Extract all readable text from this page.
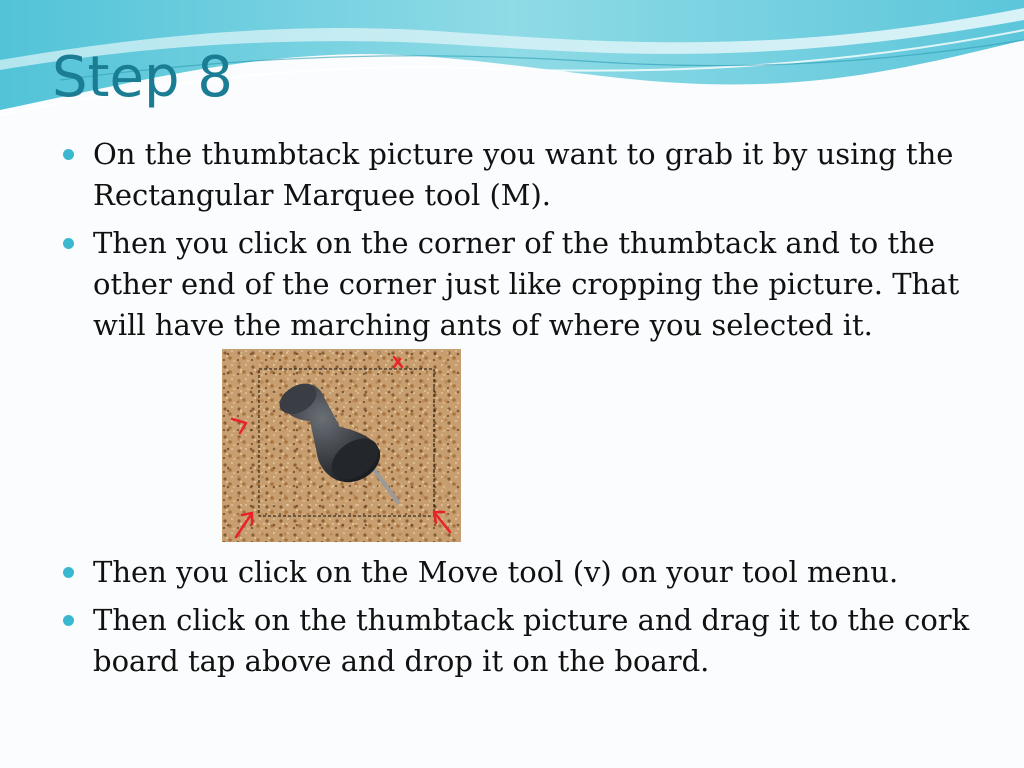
Step 8
On the thumbtack picture you want to grab it by using the Rectangular Marquee tool (M).
Then you click on the corner of the thumbtack and to the other end of the corner just like cropping the picture. That will have the marching ants of where you selected it.
Then you click on the Move tool (v) on your tool menu.
Then click on the thumbtack picture and drag it to the cork board tap above and drop it on the board.
